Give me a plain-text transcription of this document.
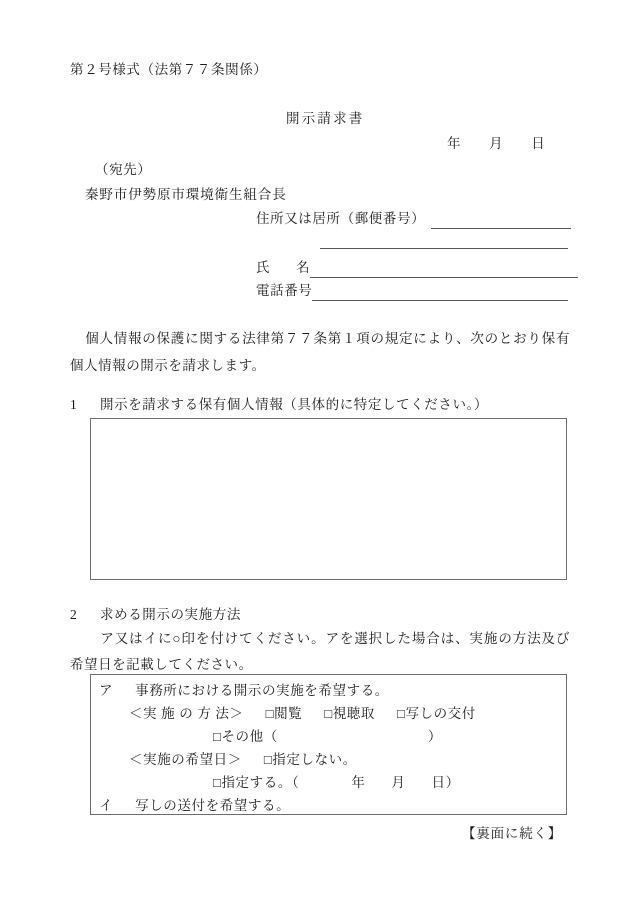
第２号様式（法第７７条関係）
開示請求書
年 月 日
（宛先）
秦野市伊勢原市環境衛生組合長
住所又は居所（郵便番号）
氏 名
電話番号
個人情報の保護に関する法律第７７条第１項の規定により、次のとおり保有個人情報の開示を請求します。
1 開示を請求する保有個人情報（具体的に特定してください。）
2 求める開示の実施方法
ア又はイに○印を付けてください。アを選択した場合は、実施の方法及び希望日を記載してください。
ア 事務所における開示の実施を希望する。
＜実 施 の 方 法＞ □閲覧 □視聴取 □写しの交付
□その他（	）
＜実施の希望日＞ □指定しない。
□指定する。（	年 月 日）
イ 写しの送付を希望する。
【裏面に続く】
